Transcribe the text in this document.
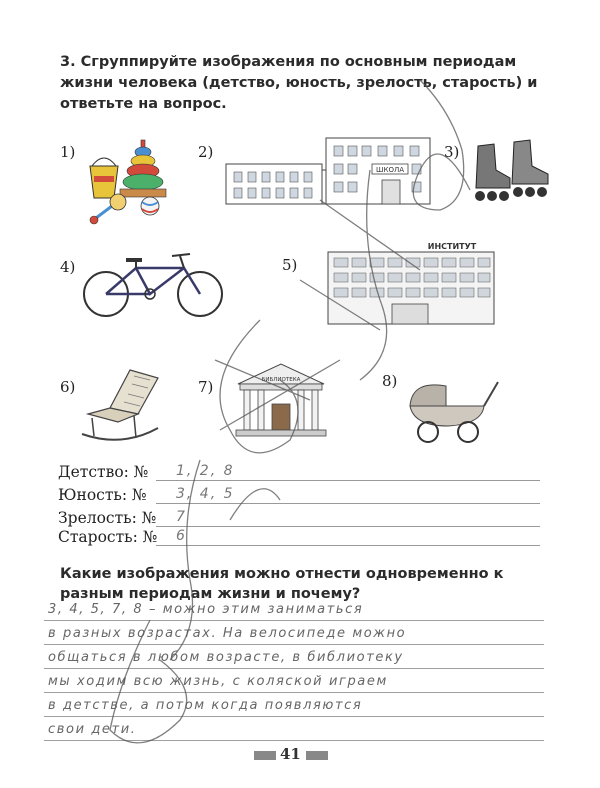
3. Сгруппируйте изображения по основным периодам жизни человека (детство, юность, зрелость, старость) и ответьте на вопрос.
1)	2)
ШКОЛА
3)
4)	5)
ИНСТИТУТ
6)	7)	БИБЛИОТЕКА	8)
Детство: № 1, 2, 8
Юность: № 3, 4, 5
Зрелость: № 7
Старость: № 6
Какие изображения можно отнести одновременно к разным периодам жизни и почему?
3, 4, 5, 7, 8 – можно этим заниматься
в разных возрастах. На велосипеде можно
общаться в любом возрасте, в библиотеку
мы ходим всю жизнь, с коляской играем
в детстве, а потом когда появляются
свои дети.
41
